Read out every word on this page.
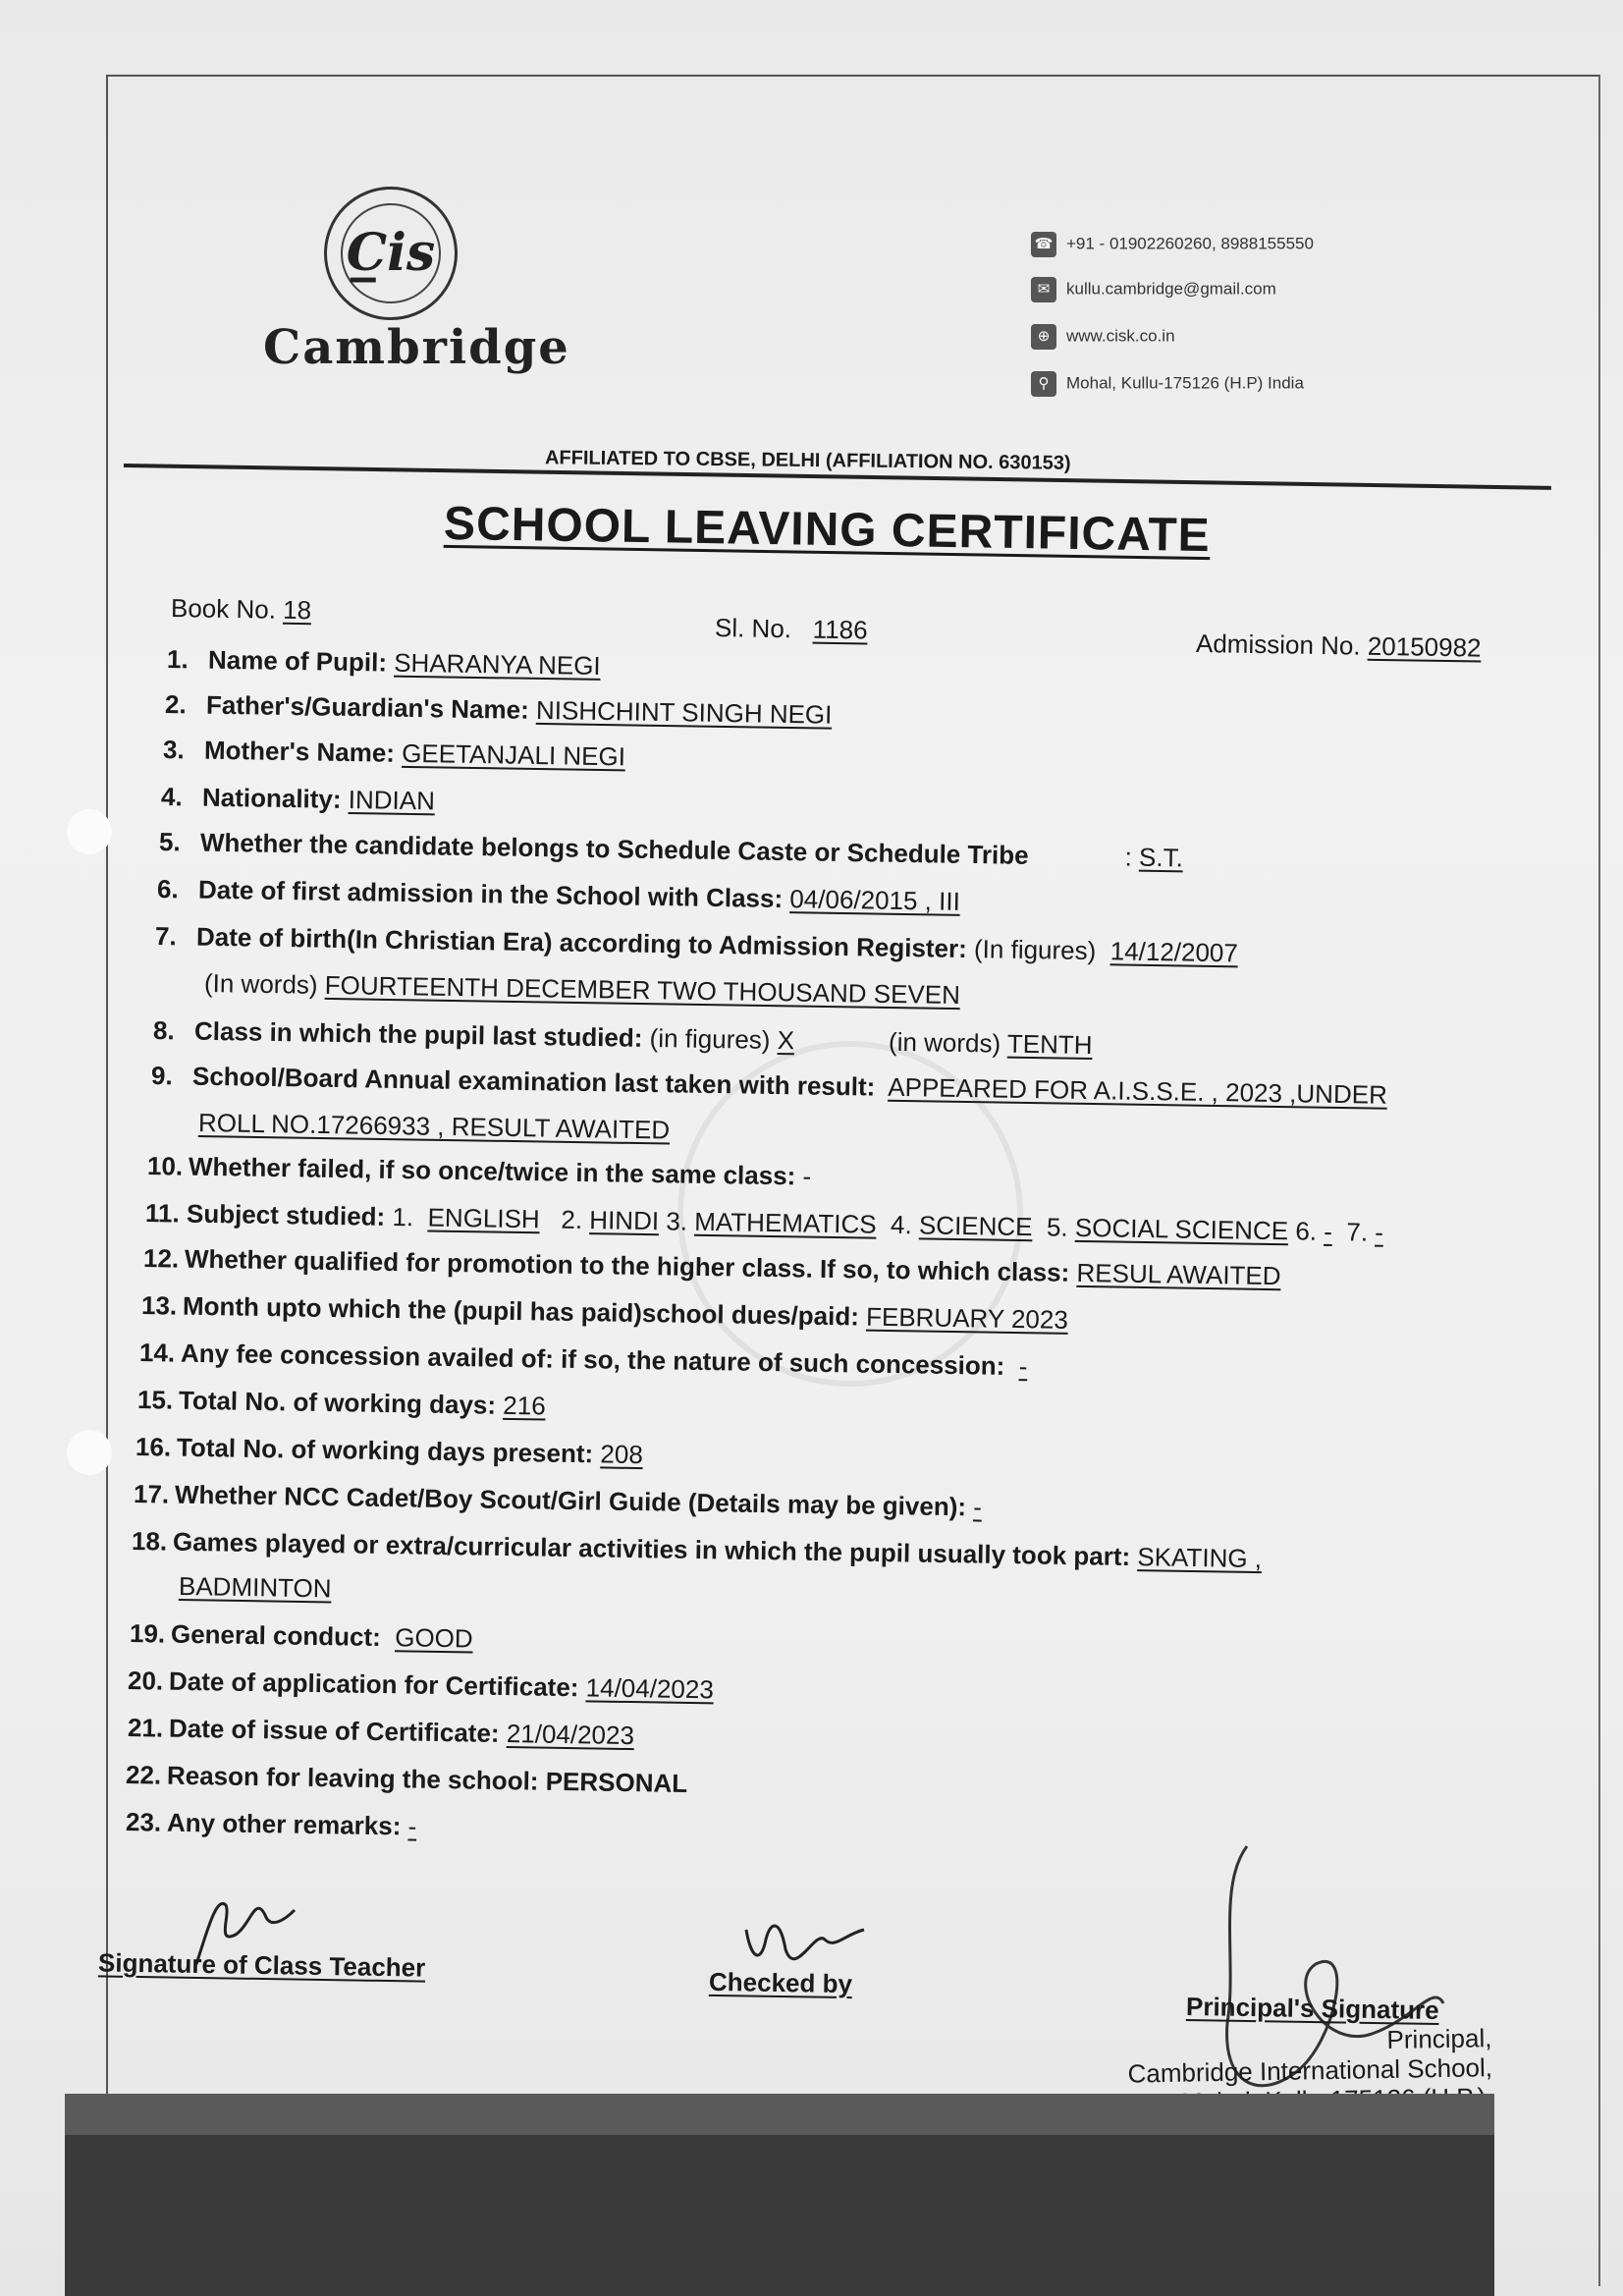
C̲is
Cambridge
☎ +91 - 01902260260, 8988155550
✉ kullu.cambridge@gmail.com
⊕ www.cisk.co.in
⚲ Mohal, Kullu-175126 (H.P) India
AFFILIATED TO CBSE, DELHI (AFFILIATION NO. 630153)
SCHOOL LEAVING CERTIFICATE
Book No. 18
Sl. No. 1186	Admission No. 20150982
1. Name of Pupil: SHARANYA NEGI
2. Father's/Guardian's Name: NISHCHINT SINGH NEGI
3. Mother's Name: GEETANJALI NEGI
4. Nationality: INDIAN
5. Whether the candidate belongs to Schedule Caste or Schedule Tribe	: S.T.
6. Date of first admission in the School with Class: 04/06/2015 , III
7. Date of birth(In Christian Era) according to Admission Register: (In figures) 14/12/2007
(In words) FOURTEENTH DECEMBER TWO THOUSAND SEVEN
8. Class in which the pupil last studied: (in figures) X	(in words) TENTH
9. School/Board Annual examination last taken with result: APPEARED FOR A.I.S.S.E. , 2023 ,UNDER
ROLL NO.17266933 , RESULT AWAITED
10. Whether failed, if so once/twice in the same class: -
11. Subject studied: 1. ENGLISH 2. HINDI 3. MATHEMATICS 4. SCIENCE 5. SOCIAL SCIENCE 6. - 7. -
12. Whether qualified for promotion to the higher class. If so, to which class: RESUL AWAITED
13. Month upto which the (pupil has paid)school dues/paid: FEBRUARY 2023
14. Any fee concession availed of: if so, the nature of such concession: -
15. Total No. of working days: 216
16. Total No. of working days present: 208
17. Whether NCC Cadet/Boy Scout/Girl Guide (Details may be given): -
18. Games played or extra/curricular activities in which the pupil usually took part: SKATING ,
BADMINTON
19. General conduct: GOOD
20. Date of application for Certificate: 14/04/2023
21. Date of issue of Certificate: 21/04/2023
22. Reason for leaving the school: PERSONAL
23. Any other remarks: -
Signature of Class Teacher
Checked by
Principal's Signature
Principal,
Cambridge International School,
